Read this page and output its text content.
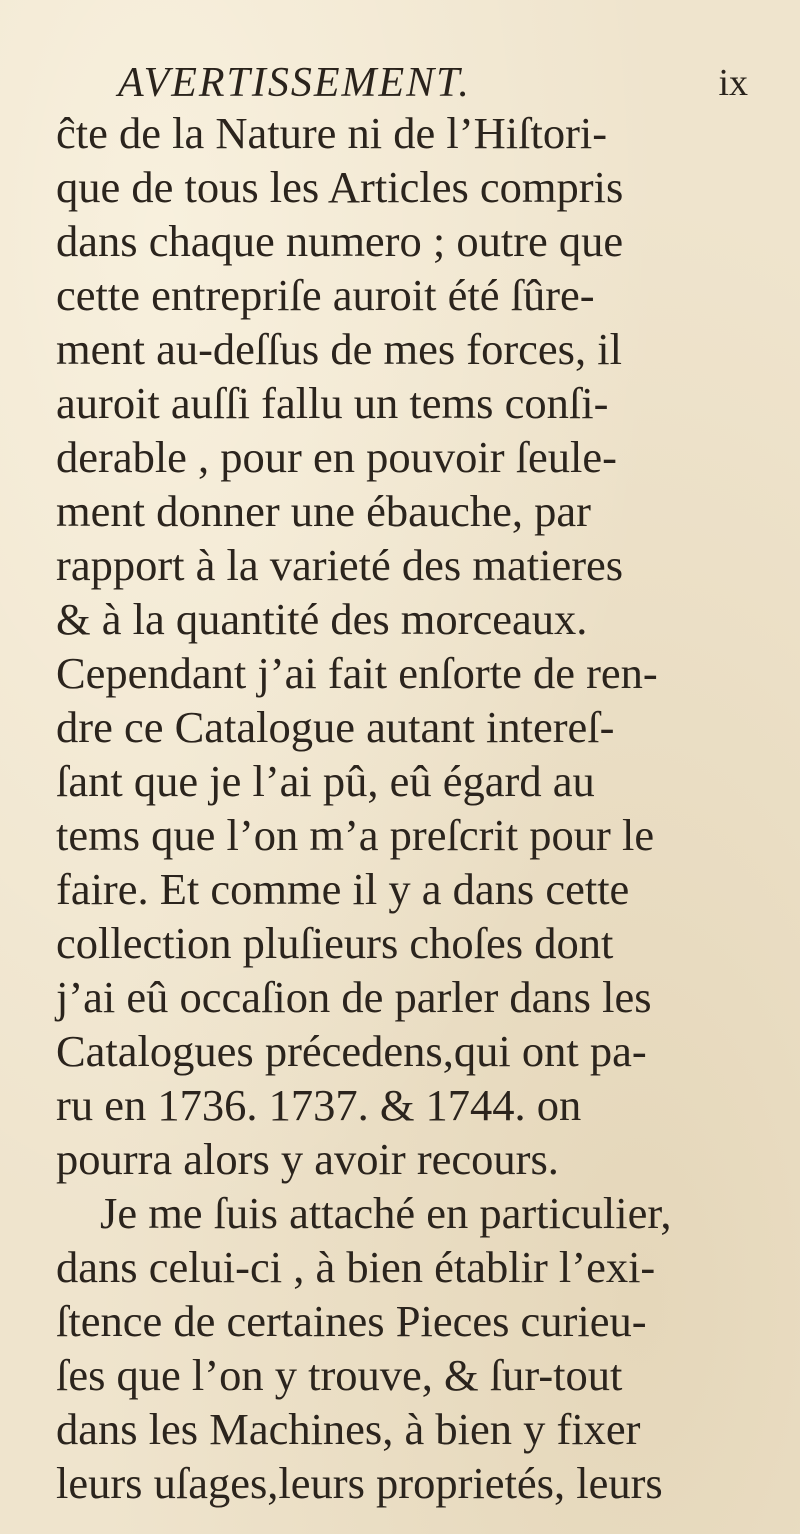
AVERTISSEMENT.	ix
ĉte de la Nature ni de l’Hiſtori-
que de tous les Articles compris
dans chaque numero ; outre que
cette entrepriſe auroit été ſûre-
ment au-deſſus de mes forces, il
auroit auſſi fallu un tems conſi-
derable , pour en pouvoir ſeule-
ment donner une ébauche, par
rapport à la varieté des matieres
& à la quantité des morceaux.
Cependant j’ai fait enſorte de ren-
dre ce Catalogue autant intereſ-
ſant que je l’ai pû, eû égard au
tems que l’on m’a preſcrit pour le
faire. Et comme il y a dans cette
collection pluſieurs choſes dont
j’ai eû occaſion de parler dans les
Catalogues précedens,qui ont pa-
ru en 1736. 1737. & 1744. on
pourra alors y avoir recours.
Je me ſuis attaché en particulier,
dans celui-ci , à bien établir l’exi-
ſtence de certaines Pieces curieu-
ſes que l’on y trouve, & ſur-tout
dans les Machines, à bien y fixer
leurs uſages,leurs proprietés, leurs
